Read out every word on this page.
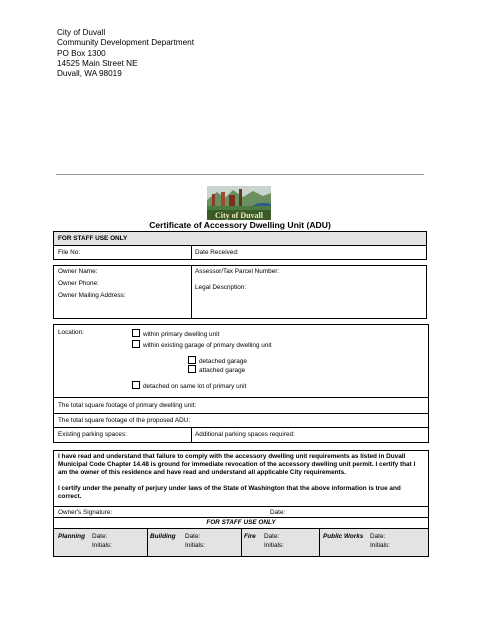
City of Duvall
Community Development Department
PO Box 1300
14525 Main Street NE
Duvall, WA 98019
City of Duvall
Certificate of Accessory Dwelling Unit (ADU)
FOR STAFF USE ONLY
File No:	Date Received:
Owner Name:
Owner Phone:
Owner Mailing Address:
Assessor/Tax Parcel Number:
Legal Description:
Location:	within primary dwelling unit
within existing garage of primary dwelling unit
detached garage
attached garage
detached on same lot of primary unit
The total square footage of primary dwelling unit:
The total square footage of the proposed ADU:
Existing parking spaces:	Additional parking spaces required:
I have read and understand that failure to comply with the accessory dwelling unit requirements as listed in Duvall Municipal Code Chapter 14.48 is ground for immediate revocation of the accessory dwelling unit permit. I certify that I am the owner of this residence and have read and understand all applicable City requirements.
I certify under the penalty of perjury under laws of the State of Washington that the above information is true and correct.
Owner's Signature:	Date:
FOR STAFF USE ONLY
Planning Date:
Initials:
Building Date:
Initials:
Fire Date:
Initials:
Public Works Date:
Initials:
